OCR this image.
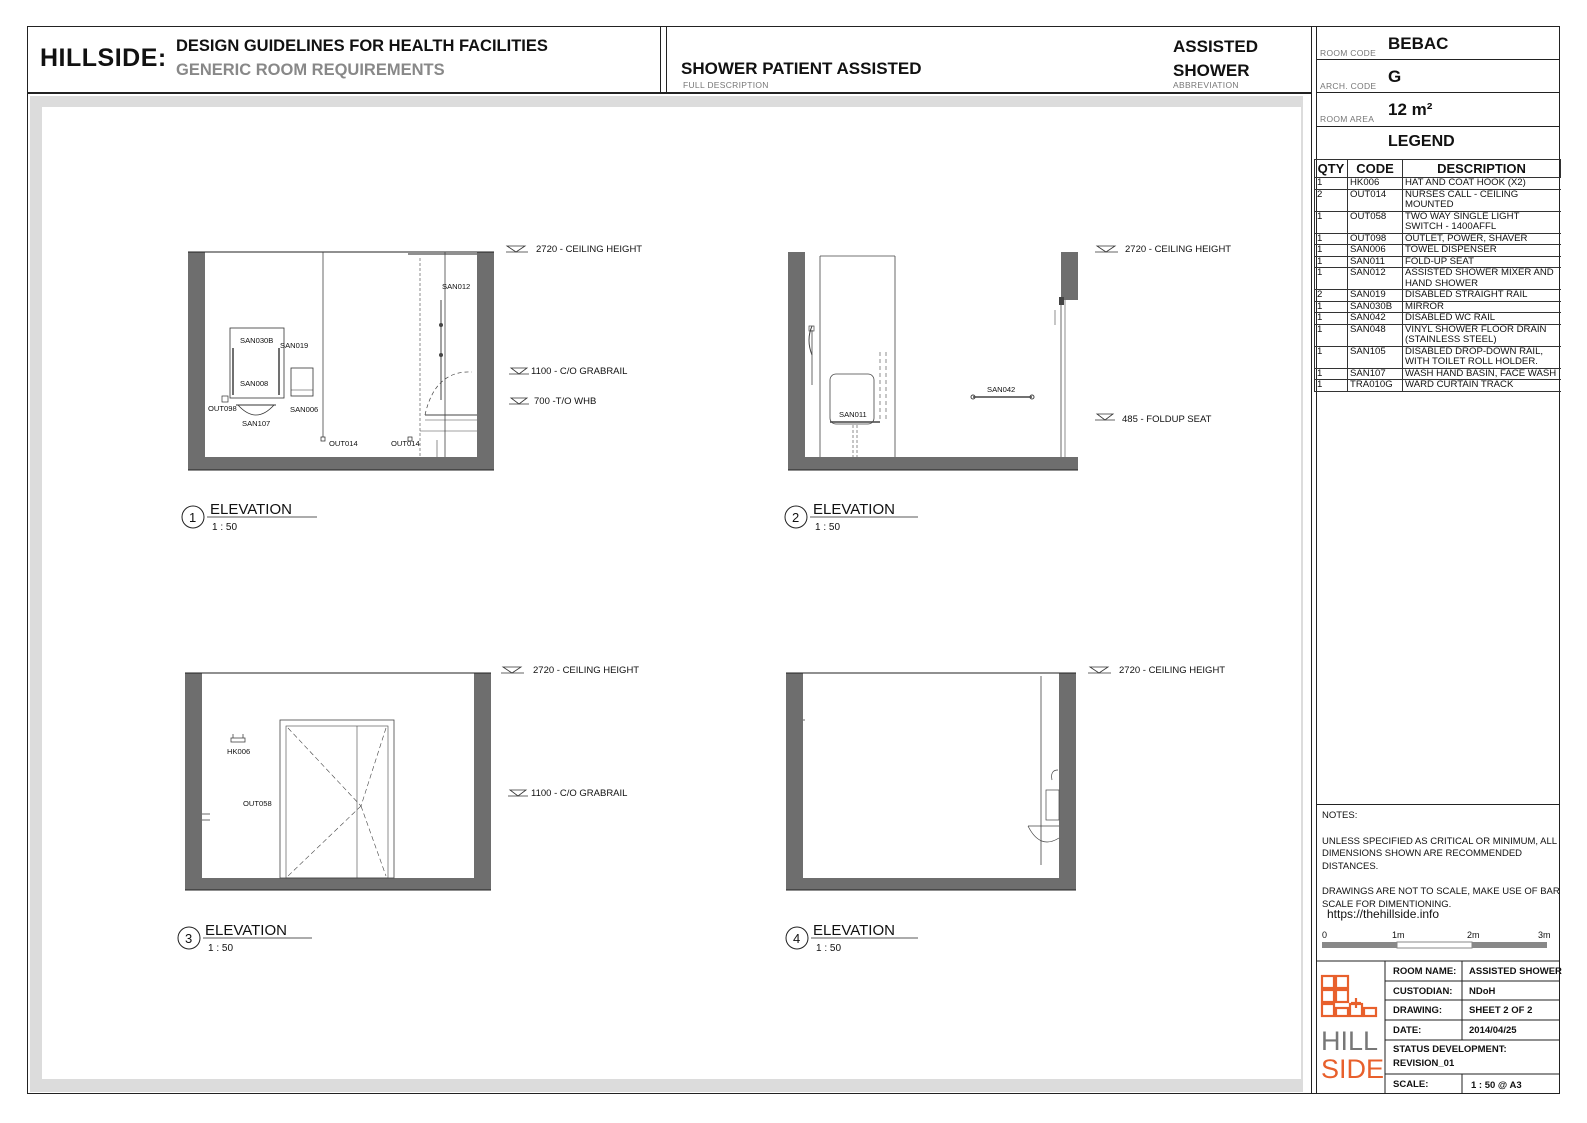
HILLSIDE: DESIGN GUIDELINES FOR HEALTH FACILITIES
GENERIC ROOM REQUIREMENTS	SHOWER PATIENT ASSISTED
FULL DESCRIPTION
ASSISTED
SHOWER
ABBREVIATION
ROOM CODE BEBAC
ARCH. CODE G
ROOM AREA 12 m²
LEGEND
QTY	CODE	DESCRIPTION
1	HK006	HAT AND COAT HOOK (X2)
2	OUT014	NURSES CALL - CEILING MOUNTED
1	OUT058	TWO WAY SINGLE LIGHT SWITCH - 1400AFFL
1	OUT098	OUTLET, POWER, SHAVER
1	SAN006	TOWEL DISPENSER
1	SAN011	FOLD-UP SEAT
1	SAN012	ASSISTED SHOWER MIXER AND HAND SHOWER
2	SAN019	DISABLED STRAIGHT RAIL
1	SAN030B	MIRROR
1	SAN042	DISABLED WC RAIL
1	SAN048	VINYL SHOWER FLOOR DRAIN (STAINLESS STEEL)
1	SAN105	DISABLED DROP-DOWN RAIL, WITH TOILET ROLL HOLDER.
1	SAN107	WASH HAND BASIN, FACE WASH
1	TRA010G	WARD CURTAIN TRACK

NOTES:

UNLESS SPECIFIED AS CRITICAL OR MINIMUM, ALL DIMENSIONS SHOWN ARE RECOMMENDED DISTANCES.

DRAWINGS ARE NOT TO SCALE, MAKE USE OF BAR SCALE FOR DIMENTIONING.

https://thehillside.info
0	1m	2m	3m
HILL
SIDE
SAN012
SAN030B
SAN019
SAN008
OUT098	SAN006
SAN107
OUT014	OUT014
2720 - CEILING HEIGHT
1100 - C/O GRABRAIL
700 -T/O WHB
1 ELEVATION
1 : 50
SAN042
SAN011
2720 - CEILING HEIGHT
485 - FOLDUP SEAT
2 ELEVATION
1 : 50
HK006
OUT058
2720 - CEILING HEIGHT
1100 - C/O GRABRAIL
3 ELEVATION
1 : 50
2720 - CEILING HEIGHT
4 ELEVATION
1 : 50
ROOM NAME: ASSISTED SHOWER
CUSTODIAN: NDoH
DRAWING:	SHEET 2 OF 2
DATE:	2014/04/25
STATUS DEVELOPMENT:
REVISION_01
SCALE:	1 : 50 @ A3
